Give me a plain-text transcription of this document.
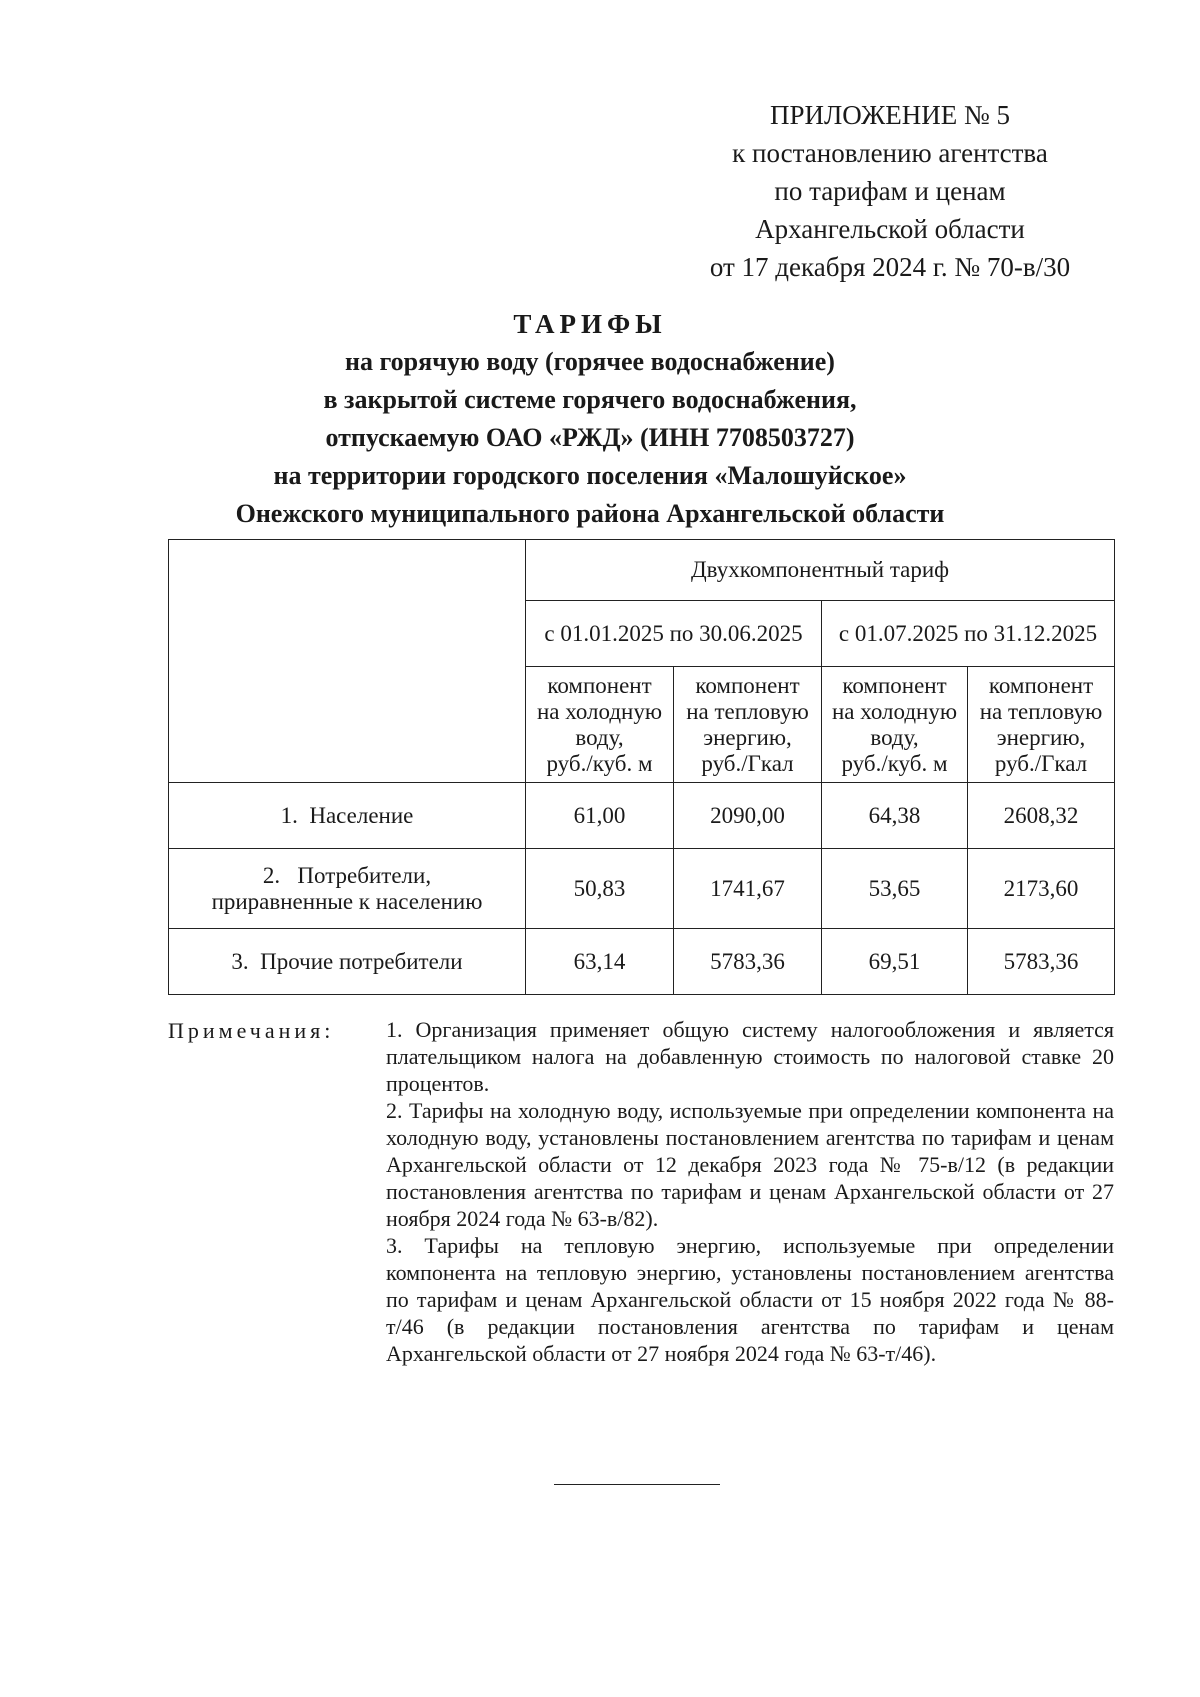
ПРИЛОЖЕНИЕ № 5
к постановлению агентства
по тарифам и ценам
Архангельской области
от 17 декабря 2024 г. № 70-в/30
ТАРИФЫ
на горячую воду (горячее водоснабжение)
в закрытой системе горячего водоснабжения,
отпускаемую ОАО «РЖД» (ИНН 7708503727)
на территории городского поселения «Малошуйское»
Онежского муниципального района Архангельской области
	Двухкомпонентный тариф			
	с 01.01.2025 по 30.06.2025		с 01.07.2025 по 31.12.2025	

	компонент
на холодную
воду,
руб./куб. м	компонент
на тепловую
энергию,
руб./Гкал	компонент
на холодную
воду,
руб./куб. м	компонент
на тепловую
энергию,
руб./Гкал

1. Население	61,00	2090,00	64,38	2608,32
2. Потребители,
приравненные к населению	50,83	1741,67	53,65	2173,60
3. Прочие потребители	63,14	5783,36	69,51	5783,36
Примечания: 1. Организация применяет общую систему налогообложения и является плательщиком налога на добавленную стоимость по налоговой ставке 20 процентов.

2. Тарифы на холодную воду, используемые при определении компонента на холодную воду, установлены постановлением агентства по тарифам и ценам Архангельской области от 12 декабря 2023 года № 75-в/12 (в редакции постановления агентства по тарифам и ценам Архангельской области от 27 ноября 2024 года № 63-в/82).

3. Тарифы на тепловую энергию, используемые при определении компонента на тепловую энергию, установлены постановлением агентства по тарифам и ценам Архангельской области от 15 ноября 2022 года № 88-т/46 (в редакции постановления агентства по тарифам и ценам Архангельской области от 27 ноября 2024 года № 63-т/46).
